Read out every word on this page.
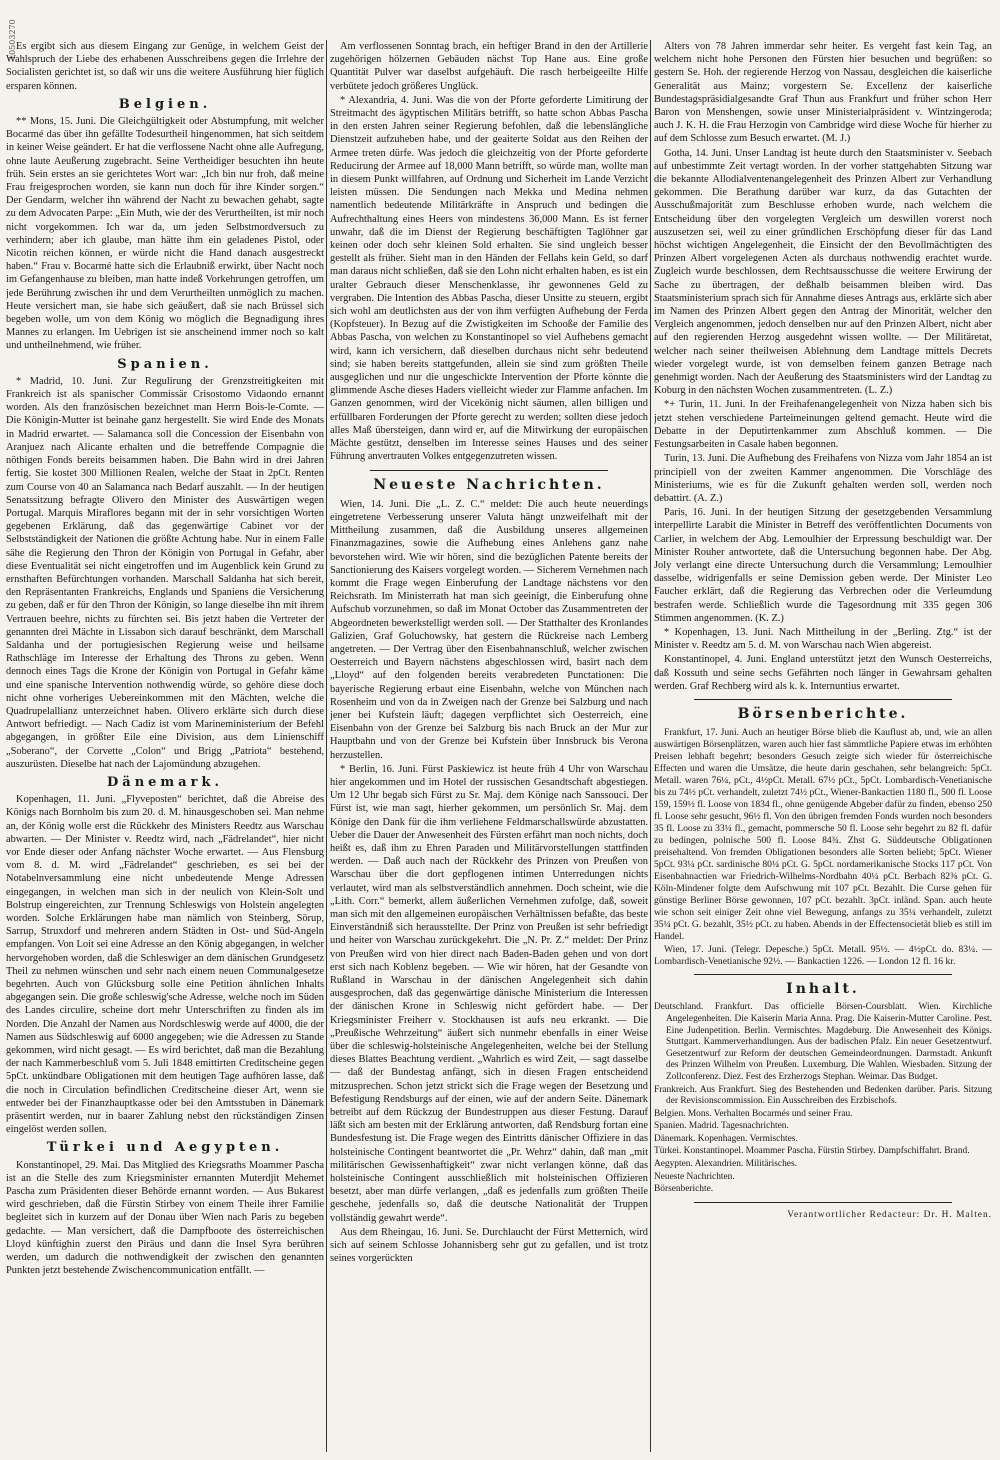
10503270 Es ergibt sich aus diesem Eingang zur Genüge, in welchem Geist der Wahlspruch der Liebe des erhabenen Ausschreibens gegen die Irrlehre der Socialisten gerichtet ist, so daß wir uns die weitere Ausführung hier füglich ersparen können.

Belgien.

** Mons, 15. Juni. Die Gleichgültigkeit oder Abstumpfung, mit welcher Bocarmé das über ihn gefällte Todesurtheil hingenommen, hat sich seitdem in keiner Weise geändert. Er hat die verflossene Nacht ohne alle Aufregung, ohne laute Aeußerung zugebracht. Seine Vertheidiger besuchten ihn heute früh. Sein erstes an sie gerichtetes Wort war: „Ich bin nur froh, daß meine Frau freigesprochen worden, sie kann nun doch für ihre Kinder sorgen.“ Der Gendarm, welcher ihn während der Nacht zu bewachen gehabt, sagte zu dem Advocaten Parpe: „Ein Muth, wie der des Verurtheilten, ist mir noch nicht vorgekommen. Ich war da, um jeden Selbstmordversuch zu verhindern; aber ich glaube, man hätte ihm ein geladenes Pistol, oder Nicotin reichen können, er würde nicht die Hand danach ausgestreckt haben.“ Frau v. Bocarmé hatte sich die Erlaubniß erwirkt, über Nacht noch im Gefangenhause zu bleiben, man hatte indeß Vorkehrungen getroffen, um jede Berührung zwischen ihr und dem Verurtheilten unmöglich zu machen. Heute versichert man, sie habe sich geäußert, daß sie nach Brüssel sich begeben wolle, um von dem König wo möglich die Begnadigung ihres Mannes zu erlangen. Im Uebrigen ist sie anscheinend immer noch so kalt und untheilnehmend, wie früher.

Spanien.

* Madrid, 10. Juni. Zur Regulirung der Grenzstreitigkeiten mit Frankreich ist als spanischer Commissär Crisostomo Vidaondo ernannt worden. Als den französischen bezeichnet man Herrn Bois-le-Comte. — Die Königin-Mutter ist beinahe ganz hergestellt. Sie wird Ende des Monats in Madrid erwartet. — Salamanca soll die Concession der Eisenbahn von Aranjuez nach Alicante erhalten und die betreffende Compagnie die nöthigen Fonds bereits beisammen haben. Die Bahn wird in drei Jahren fertig. Sie kostet 300 Millionen Realen, welche der Staat in 2pCt. Renten zum Course von 40 an Salamanca nach Bedarf auszahlt. — In der heutigen Senatssitzung befragte Olivero den Minister des Auswärtigen wegen Portugal. Marquis Miraflores begann mit der in sehr vorsichtigen Worten gegebenen Erklärung, daß das gegenwärtige Cabinet vor der Selbstständigkeit der Nationen die größte Achtung habe. Nur in einem Falle sähe die Regierung den Thron der Königin von Portugal in Gefahr, aber diese Eventualität sei nicht eingetroffen und im Augenblick kein Grund zu ernsthaften Befürchtungen vorhanden. Marschall Saldanha hat sich bereit, den Repräsentanten Frankreichs, Englands und Spaniens die Versicherung zu geben, daß er für den Thron der Königin, so lange dieselbe ihn mit ihrem Vertrauen beehre, nichts zu fürchten sei. Bis jetzt haben die Vertreter der genannten drei Mächte in Lissabon sich darauf beschränkt, dem Marschall Saldanha und der portugiesischen Regierung weise und heilsame Rathschläge im Interesse der Erhaltung des Throns zu geben. Wenn dennoch eines Tags die Krone der Königin von Portugal in Gefahr käme und eine spanische Intervention nothwendig würde, so gehöre diese doch nicht ohne vorheriges Uebereinkommen mit den Mächten, welche die Quadrupelallianz unterzeichnet haben. Olivero erklärte sich durch diese Antwort befriedigt. — Nach Cadiz ist vom Marineministerium der Befehl abgegangen, in größter Eile eine Division, aus dem Linienschiff „Soberano“, der Corvette „Colon“ und Brigg „Patriota“ bestehend, auszurüsten. Dieselbe hat nach der Lajomündung abzugehen.

Dänemark.

Kopenhagen, 11. Juni. „Flyveposten“ berichtet, daß die Abreise des Königs nach Bornholm bis zum 20. d. M. hinausgeschoben sei. Man nehme an, der König wolle erst die Rückkehr des Ministers Reedtz aus Warschau abwarten. — Der Minister v. Reedtz wird, nach „Fädrelandet“, hier nicht vor Ende dieser oder Anfang nächster Woche erwartet. — Aus Flensburg vom 8. d. M. wird „Fädrelandet“ geschrieben, es sei bei der Notabelnversammlung eine nicht unbedeutende Menge Adressen eingegangen, in welchen man sich in der neulich von Klein-Solt und Bolstrup eingereichten, zur Trennung Schleswigs von Holstein angelegten worden. Solche Erklärungen habe man nämlich von Steinberg, Sörup, Sarrup, Struxdorf und mehreren andern Städten in Ost- und Süd-Angeln empfangen. Von Loit sei eine Adresse an den König abgegangen, in welcher hervorgehoben worden, daß die Schleswiger an dem dänischen Grundgesetz Theil zu nehmen wünschen und sehr nach einem neuen Communalgesetze begehrten. Auch von Glücksburg solle eine Petition ähnlichen Inhalts abgegangen sein. Die große schleswig'sche Adresse, welche noch im Süden des Landes circulire, scheine dort mehr Unterschriften zu finden als im Norden. Die Anzahl der Namen aus Nordschleswig werde auf 4000, die der Namen aus Südschleswig auf 6000 angegeben; wie die Adressen zu Stande gekommen, wird nicht gesagt. — Es wird berichtet, daß man die Bezahlung der nach Kammerbeschluß vom 5. Juli 1848 emittirten Creditscheine gegen 5pCt. unkündbare Obligationen mit dem heutigen Tage aufhören lasse, daß die noch in Circulation befindlichen Creditscheine dieser Art, wenn sie entweder bei der Finanzhauptkasse oder bei den Amtsstuben in Dänemark präsentirt werden, nur in baarer Zahlung nebst den rückständigen Zinsen eingelöst werden sollen.

Türkei und Aegypten.

Konstantinopel, 29. Mai. Das Mitglied des Kriegsraths Moammer Pascha ist an die Stelle des zum Kriegsminister ernannten Muterdjit Mehemet Pascha zum Präsidenten dieser Behörde ernannt worden. — Aus Bukarest wird geschrieben, daß die Fürstin Stirbey von einem Theile ihrer Familie begleitet sich in kurzem auf der Donau über Wien nach Paris zu begeben gedachte. — Man versichert, daß die Dampfboote des österreichischen Lloyd künftighin zuerst den Piräus und dann die Insel Syra berühren werden, um dadurch die nothwendigkeit der zwischen den genannten Punkten jetzt bestehende Zwischencommunication entfällt. —

Am verflossenen Sonntag brach, ein heftiger Brand in den der Artillerie zugehörigen hölzernen Gebäuden nächst Top Hane aus. Eine große Quantität Pulver war daselbst aufgehäuft. Die rasch herbeigeeilte Hilfe verbütete jedoch größeres Unglück.

* Alexandria, 4. Juni. Was die von der Pforte geforderte Limitirung der Streitmacht des ägyptischen Militärs betrifft, so hatte schon Abbas Pascha in den ersten Jahren seiner Regierung befohlen, daß die lebenslängliche Dienstzeit aufzuheben habe, und der geaiterte Soldat aus den Reihen der Armee treten dürfe. Was jedoch die gleichzeitig von der Pforte geforderte Reducirung der Armee auf 18,000 Mann betrifft, so würde man, wollte man in diesem Punkt willfahren, auf Ordnung und Sicherheit im Lande Verzicht leisten müssen. Die Sendungen nach Mekka und Medina nehmen namentlich bedeutende Militärkräfte in Anspruch und bedingen die Aufrechthaltung eines Heers von mindestens 36,000 Mann. Es ist ferner unwahr, daß die im Dienst der Regierung beschäftigten Taglöhner gar keinen oder doch sehr kleinen Sold erhalten. Sie sind ungleich besser gestellt als früher. Sieht man in den Händen der Fellahs kein Geld, so darf man daraus nicht schließen, daß sie den Lohn nicht erhalten haben, es ist ein uralter Gebrauch dieser Menschenklasse, ihr gewonnenes Geld zu vergraben. Die Intention des Abbas Pascha, dieser Unsitte zu steuern, ergibt sich wohl am deutlichsten aus der von ihm verfügten Aufhebung der Ferda (Kopfsteuer). In Bezug auf die Zwistigkeiten im Schooße der Familie des Abbas Pascha, von welchen zu Konstantinopel so viel Aufhebens gemacht wird, kann ich versichern, daß dieselben durchaus nicht sehr bedeutend sind; sie haben bereits stattgefunden, allein sie sind zum größten Theile ausgeglichen und nur die ungeschickte Intervention der Pforte könnte die glimmende Asche dieses Haders vielleicht wieder zur Flamme anfachen. Im Ganzen genommen, wird der Vicekönig nicht säumen, allen billigen und erfüllbaren Forderungen der Pforte gerecht zu werden; sollten diese jedoch alles Maß übersteigen, dann wird er, auf die Mitwirkung der europäischen Mächte gestützt, denselben im Interesse seines Hauses und des seiner Führung anvertrauten Volkes entgegenzutreten wissen.

Neueste Nachrichten.

Wien, 14. Juni. Die „L. Z. C.“ meldet: Die auch heute neuerdings eingetretene Verbesserung unserer Valuta hängt unzweifelhaft mit der Mittheilung zusammen, daß die Ausbildung unseres allgemeinen Finanzmagazines, sowie die Aufhebung eines Anlehens ganz nahe bevorstehen wird. Wie wir hören, sind die bezüglichen Patente bereits der Sanctionierung des Kaisers vorgelegt worden. — Sicherem Vernehmen nach kommt die Frage wegen Einberufung der Landtage nächstens vor den Reichsrath. Im Ministerrath hat man sich geeinigt, die Einberufung ohne Aufschub vorzunehmen, so daß im Monat October das Zusammentreten der Abgeordneten bewerkstelligt werden soll. — Der Statthalter des Kronlandes Galizien, Graf Goluchowsky, hat gestern die Rückreise nach Lemberg angetreten. — Der Vertrag über den Eisenbahnanschluß, welcher zwischen Oesterreich und Bayern nächstens abgeschlossen wird, basirt nach dem „Lloyd“ auf den folgenden bereits verabredeten Punctationen: Die bayerische Regierung erbaut eine Eisenbahn, welche von München nach Rosenheim und von da in Zweigen nach der Grenze bei Salzburg und nach jener bei Kufstein läuft; dagegen verpflichtet sich Oesterreich, eine Eisenbahn von der Grenze bei Salzburg bis nach Bruck an der Mur zur Hauptbahn und von der Grenze bei Kufstein über Innsbruck bis Verona herzustellen.

* Berlin, 16. Juni. Fürst Paskiewicz ist heute früh 4 Uhr von Warschau hier angekommen und im Hotel der russischen Gesandtschaft abgestiegen. Um 12 Uhr begab sich Fürst zu Sr. Maj. dem Könige nach Sanssouci. Der Fürst ist, wie man sagt, hierher gekommen, um persönlich Sr. Maj. dem Könige den Dank für die ihm verliehene Feldmarschallswürde abzustatten. Ueber die Dauer der Anwesenheit des Fürsten erfährt man noch nichts, doch heißt es, daß ihm zu Ehren Paraden und Militärvorstellungen stattfinden werden. — Daß auch nach der Rückkehr des Prinzen von Preußen von Warschau über die dort gepflogenen intimen Unterredungen nichts verlautet, wird man als selbstverständlich annehmen. Doch scheint, wie die „Lith. Corr.“ bemerkt, allem äußerlichen Vernehmen zufolge, daß, soweit man sich mit den allgemeinen europäischen Verhältnissen befaßte, das beste Einverständniß sich herausstellte. Der Prinz von Preußen ist sehr befriedigt und heiter von Warschau zurückgekehrt. Die „N. Pr. Z.“ meldet: Der Prinz von Preußen wird von hier direct nach Baden-Baden gehen und von dort erst sich nach Koblenz begeben. — Wie wir hören, hat der Gesandte von Rußland in Warschau in der dänischen Angelegenheit sich dahin ausgesprochen, daß das gegenwärtige dänische Ministerium die Interessen der dänischen Krone in Schleswig nicht gefördert habe. — Der Kriegsminister Freiherr v. Stockhausen ist aufs neu erkrankt. — Die „Preußische Wehrzeitung“ äußert sich nunmehr ebenfalls in einer Weise über die schleswig-holsteinische Angelegenheiten, welche bei der Stellung dieses Blattes Beachtung verdient. „Wahrlich es wird Zeit, — sagt dasselbe — daß der Bundestag anfängt, sich in diesen Fragen entscheidend mitzusprechen. Schon jetzt strickt sich die Frage wegen der Besetzung und Befestigung Rendsburgs auf der einen, wie auf der andern Seite. Dänemark betreibt auf dem Rückzug der Bundestruppen aus dieser Festung. Darauf läßt sich am besten mit der Erklärung antworten, daß Rendsburg fortan eine Bundesfestung ist. Die Frage wegen des Eintritts dänischer Offiziere in das holsteinische Contingent beantwortet die „Pr. Wehrz“ dahin, daß man „mit militärischen Gewissenhaftigkeit“ zwar nicht verlangen könne, daß das holsteinische Contingent ausschließlich mit holsteinischen Offizieren besetzt, aber man dürfe verlangen, „daß es jedenfalls zum größten Theile geschehe, jedenfalls so, daß die deutsche Nationalität der Truppen vollständig gewahrt werde“.

Aus dem Rheingau, 16. Juni. Se. Durchlaucht der Fürst Metternich, wird sich auf seinem Schlosse Johannisberg sehr gut zu gefallen, und ist trotz seines vorgerückten

Alters von 78 Jahren immerdar sehr heiter. Es vergeht fast kein Tag, an welchem nicht hohe Personen den Fürsten hier besuchen und begrüßen: so gestern Se. Hoh. der regierende Herzog von Nassau, desgleichen die kaiserliche Generalität aus Mainz; vorgestern Se. Excellenz der kaiserliche Bundestagspräsidialgesandte Graf Thun aus Frankfurt und früher schon Herr Baron von Menshengen, sowie unser Ministerialpräsident v. Wintzingeroda; auch J. K. H. die Frau Herzogin von Cambridge wird diese Woche für hierher zu auf dem Schlosse zum Besuch erwartet. (M. J.)

Gotha, 14. Juni. Unser Landtag ist heute durch den Staatsminister v. Seebach auf unbestimmte Zeit vertagt worden. In der vorher stattgehabten Sitzung war die bekannte Allodialventenangelegenheit des Prinzen Albert zur Verhandlung gekommen. Die Berathung darüber war kurz, da das Gutachten der Ausschußmajorität zum Beschlusse erhoben wurde, nach welchem die Entscheidung über den vorgelegten Vergleich um deswillen vorerst noch auszusetzen sei, weil zu einer gründlichen Erschöpfung dieser für das Land höchst wichtigen Angelegenheit, die Einsicht der den Bevollmächtigten des Prinzen Albert vorgelegenen Acten als durchaus nothwendig erachtet wurde. Zugleich wurde beschlossen, dem Rechtsausschusse die weitere Erwirung der Sache zu übertragen, der deßhalb beisammen bleiben wird. Das Staatsministerium sprach sich für Annahme dieses Antrags aus, erklärte sich aber im Namen des Prinzen Albert gegen den Antrag der Minorität, welcher den Vergleich angenommen, jedoch denselben nur auf den Prinzen Albert, nicht aber auf den regierenden Herzog ausgedehnt wissen wollte. — Der Militäretat, welcher nach seiner theilweisen Ablehnung dem Landtage mittels Decrets wieder vorgelegt wurde, ist von demselben feinem ganzen Betrage nach genehmigt worden. Nach der Aeußerung des Staatsministers wird der Landtag zu Koburg in den nächsten Wochen zusammentreten. (L. Z.)

*+ Turin, 11. Juni. In der Freihafenangelegenheit von Nizza haben sich bis jetzt stehen verschiedene Parteimeinungen geltend gemacht. Heute wird die Debatte in der Deputirtenkammer zum Abschluß kommen. — Die Festungsarbeiten in Casale haben begonnen.

Turin, 13. Juni. Die Aufhebung des Freihafens von Nizza vom Jahr 1854 an ist principiell von der zweiten Kammer angenommen. Die Vorschläge des Ministeriums, wie es für die Zukunft gehalten werden soll, werden noch debattirt. (A. Z.)

Paris, 16. Juni. In der heutigen Sitzung der gesetzgebenden Versammlung interpellirte Larabit die Minister in Betreff des veröffentlichten Documents von Carlier, in welchem der Abg. Lemoulhier der Erpressung beschuldigt war. Der Minister Rouher antwortete, daß die Untersuchung begonnen habe. Der Abg. Joly verlangt eine directe Untersuchung durch die Versammlung; Lemoulhier dasselbe, widrigenfalls er seine Demission geben werde. Der Minister Leo Faucher erklärt, daß die Regierung das Verbrechen oder die Verleumdung bestrafen werde. Schließlich wurde die Tagesordnung mit 335 gegen 306 Stimmen angenommen. (K. Z.)

* Kopenhagen, 13. Juni. Nach Mittheilung in der „Berling. Ztg.“ ist der Minister v. Reedtz am 5. d. M. von Warschau nach Wien abgereist.

Konstantinopel, 4. Juni. England unterstützt jetzt den Wunsch Oesterreichs, daß Kossuth und seine sechs Gefährten noch länger in Gewahrsam gehalten werden. Graf Rechberg wird als k. k. Internuntius erwartet.

Börsenberichte.

Frankfurt, 17. Juni. Auch an heutiger Börse blieb die Kauflust ab, und, wie an allen auswärtigen Börsenplätzen, waren auch hier fast sämmtliche Papiere etwas im erhöhten Preisen lebhaft begehrt; besonders Gesuch zeigte sich wieder für österreichische Effecten und waren die Umsätze, die heute darin geschahen, sehr belangreich: 5pCt. Metall. waren 76¼, pCt., 4½pCt. Metall. 67½ pCt., 5pCt. Lombardisch-Venetianische bis zu 74½ pCt. verhandelt, zuletzt 74½ pCt., Wiener-Bankactien 1180 fl., 500 fl. Loose 159, 159½ fl. Loose von 1834 fl., ohne genügende Abgeber dafür zu finden, ebenso 250 fl. Loose sehr gesucht, 96½ fl. Von den übrigen fremden Fonds wurden noch besonders 35 fl. Loose zu 33¼ fl., gemacht, pommersche 50 fl. Loose sehr begehrt zu 82 fl. dafür zu bedingen, polnische 500 fl. Loose 84¾. Zhst G. Süddeutsche Obligationen preisehaltend. Von fremden Obligationen besonders alle Sorten beliebt; 5pCt. Wiener 5pCt. 93¼ pCt. sardinische 80¼ pCt. G. 5pCt. nordamerikanische Stocks 117 pCt. Von Eisenbahnactien war Friedrich-Wilhelms-Nordbahn 40¼ pCt. Berbach 82⅜ pCt. G. Köln-Mindener folgte dem Aufschwung mit 107 pCt. Bezahlt. Die Curse gehen für günstige Berliner Börse gewonnen, 107 pCt. bezahlt. 3pCt. inländ. Span. auch heute wie schon seit einiger Zeit ohne viel Bewegung, anfangs zu 35¼ verhandelt, zuletzt 35¼ pCt. G. bezahlt, 35½ pCt. zu haben. Abends in der Effectensocietät blieb es still im Handel.

Wien, 17. Juni. (Telegr. Depesche.) 5pCt. Metall. 95½. — 4½pCt. do. 83¼. — Lombardisch-Venetianische 92½. — Bankactien 1226. — London 12 fl. 16 kr.

Inhalt.

Deutschland. Frankfurt. Das officielle Börsen-Coursblatt. Wien. Kirchliche Angelegenheiten. Die Kaiserin Maria Anna. Prag. Die Kaiserin-Mutter Caroline. Pest. Eine Judenpetition. Berlin. Vermischtes. Magdeburg. Die Anwesenheit des Königs. Stuttgart. Kammerverhandlungen. Aus der badischen Pfalz. Ein neuer Gesetzentwurf. Gesetzentwurf zur Reform der deutschen Gemeindeordnungen. Darmstadt. Ankunft des Prinzen Wilhelm von Preußen. Luxemburg. Die Wahlen. Wiesbaden. Sitzung der Zollconferenz. Diez. Fest des Erzherzogs Stephan. Weimar. Das Budget.

Frankreich. Aus Frankfurt. Sieg des Bestehenden und Bedenken darüber. Paris. Sitzung der Revisionscommission. Ein Ausschreiben des Erzbischofs.

Belgien. Mons. Verhalten Bocarmés und seiner Frau.

Spanien. Madrid. Tagesnachrichten.

Dänemark. Kopenhagen. Vermischtes.

Türkei. Konstantinopel. Moammer Pascha. Fürstin Stirbey. Dampfschiffahrt. Brand.

Aegypten. Alexandrien. Militärisches.

Neueste Nachrichten.

Börsenberichte.

Verantwortlicher Redacteur: Dr. H. Malten.
